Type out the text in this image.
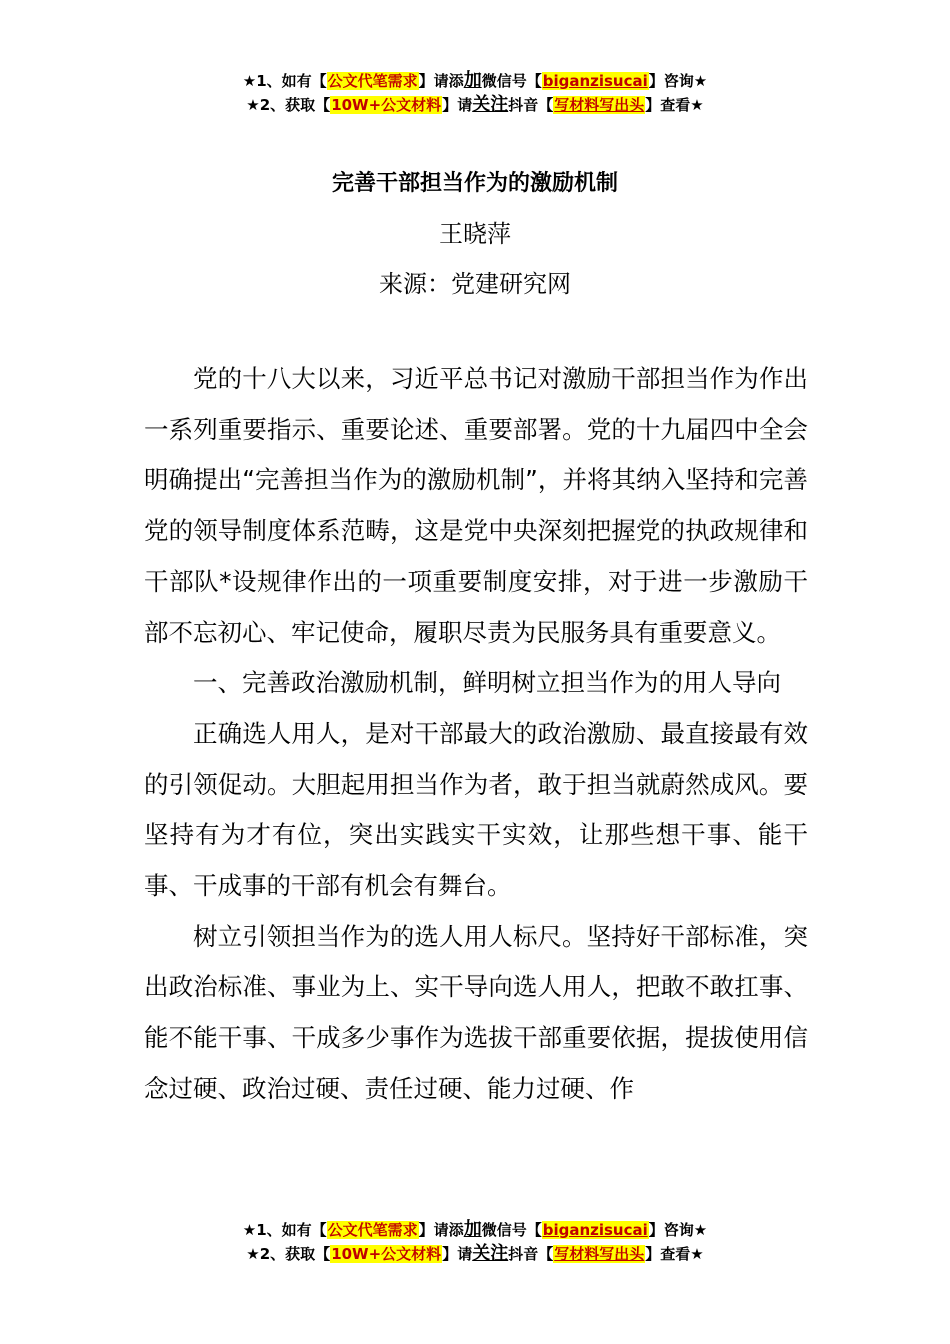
★1、如有【公文代笔需求】请添加微信号【biganzisucai】咨询★
★2、获取【10W+公文材料】请关注抖音【写材料写出头】查看★
完善干部担当作为的激励机制
王晓萍
来源：党建研究网

党的十八大以来，习近平总书记对激励干部担当作为作出一系列重要指示、重要论述、重要部署。党的十九届四中全会明确提出“完善担当作为的激励机制”，并将其纳入坚持和完善党的领导制度体系范畴，这是党中央深刻把握党的执政规律和干部队*设规律作出的一项重要制度安排，对于进一步激励干部不忘初心、牢记使命，履职尽责为民服务具有重要意义。

一、完善政治激励机制，鲜明树立担当作为的用人导向

正确选人用人，是对干部最大的政治激励、最直接最有效的引领促动。大胆起用担当作为者，敢于担当就蔚然成风。要坚持有为才有位，突出实践实干实效，让那些想干事、能干事、干成事的干部有机会有舞台。

树立引领担当作为的选人用人标尺。坚持好干部标准，突出政治标准、事业为上、实干导向选人用人，把敢不敢扛事、能不能干事、干成多少事作为选拔干部重要依据，提拔使用信念过硬、政治过硬、责任过硬、能力过硬、作

★1、如有【公文代笔需求】请添加微信号【biganzisucai】咨询★
★2、获取【10W+公文材料】请关注抖音【写材料写出头】查看★
